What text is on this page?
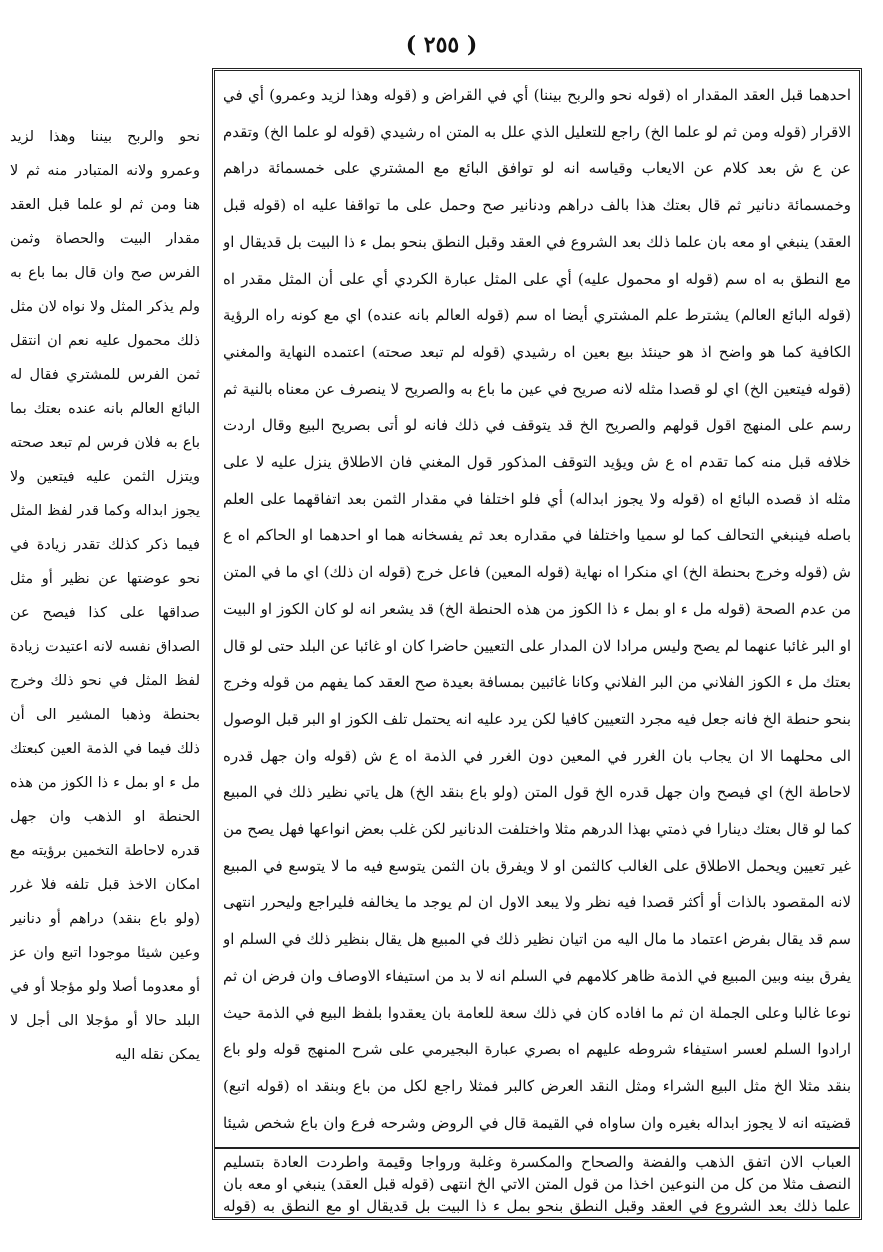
( ٢٥٥ )
احدهما قبل العقد المقدار اه (قوله نحو والربح بيننا) أي في القراض و (قوله وهذا لزيد وعمرو) أي في الاقرار (قوله ومن ثم لو علما الخ) راجع للتعليل الذي علل به المتن اه رشيدي (قوله لو علما الخ) وتقدم عن ع ش بعد كلام عن الايعاب وقياسه انه لو توافق البائع مع المشتري على خمسمائة دراهم وخمسمائة دنانير ثم قال بعتك هذا بالف دراهم ودنانير صح وحمل على ما تواقفا عليه اه (قوله قبل العقد) ينبغي او معه بان علما ذلك بعد الشروع في العقد وقبل النطق بنحو بمل ء ذا البيت بل قديقال او مع النطق به اه سم (قوله او محمول عليه) أي على المثل عبارة الكردي أي على أن المثل مقدر اه (قوله البائع العالم) يشترط علم المشتري أيضا اه سم (قوله العالم بانه عنده) اي مع كونه راه الرؤية الكافية كما هو واضح اذ هو حينئذ بيع بعين اه رشيدي (قوله لم تبعد صحته) اعتمده النهاية والمغني (قوله فيتعين الخ) اي لو قصدا مثله لانه صريح في عين ما باع به والصريح لا ينصرف عن معناه بالنية ثم رسم على المنهج اقول قولهم والصريح الخ قد يتوقف في ذلك فانه لو أتى بصريح البيع وقال اردت خلافه قبل منه كما تقدم اه ع ش ويؤيد التوقف المذكور قول المغني فان الاطلاق ينزل عليه لا على مثله اذ قصده البائع اه (قوله ولا يجوز ابداله) أي فلو اختلفا في مقدار الثمن بعد اتفاقهما على العلم باصله فينبغي التحالف كما لو سميا واختلفا في مقداره بعد ثم يفسخانه هما او احدهما او الحاكم اه ع ش (قوله وخرج بحنطة الخ) اي منكرا اه نهاية (قوله المعين) فاعل خرج (قوله ان ذلك) اي ما في المتن من عدم الصحة (قوله مل ء او بمل ء ذا الكوز من هذه الحنطة الخ) قد يشعر انه لو كان الكوز او البيت او البر غائبا عنهما لم يصح وليس مرادا لان المدار على التعيين حاضرا كان او غائبا عن البلد حتى لو قال بعتك مل ء الكوز الفلاني من البر الفلاني وكانا غائبين بمسافة بعيدة صح العقد كما يفهم من قوله وخرج بنحو حنطة الخ فانه جعل فيه مجرد التعيين كافيا لكن يرد عليه انه يحتمل تلف الكوز او البر قبل الوصول الى محلهما الا ان يجاب بان الغرر في المعين دون الغرر في الذمة اه ع ش (قوله وان جهل قدره لاحاطة الخ) اي فيصح وان جهل قدره الخ قول المتن (ولو باع بنقد الخ) هل ياتي نظير ذلك في المبيع كما لو قال بعتك دينارا في ذمتي بهذا الدرهم مثلا واختلفت الدنانير لكن غلب بعض انواعها فهل يصح من غير تعيين ويحمل الاطلاق على الغالب كالثمن او لا ويفرق بان الثمن يتوسع فيه ما لا يتوسع في المبيع لانه المقصود بالذات أو أكثر قصدا فيه نظر ولا يبعد الاول ان لم يوجد ما يخالفه فليراجع وليحرر انتهى سم قد يقال بفرض اعتماد ما مال اليه من اتيان نظير ذلك في المبيع هل يقال بنظير ذلك في السلم او يفرق بينه وبين المبيع في الذمة ظاهر كلامهم في السلم انه لا بد من استيفاء الاوصاف وان فرض ان ثم نوعا غالبا وعلى الجملة ان ثم ما افاده كان في ذلك سعة للعامة بان يعقدوا بلفظ البيع في الذمة حيث ارادوا السلم لعسر استيفاء شروطه عليهم اه بصري عبارة البجيرمي على شرح المنهج قوله ولو باع بنقد مثلا الخ مثل البيع الشراء ومثل النقد العرض كالبر فمثلا راجع لكل من باع وبنقد اه (قوله اتبع) قضيته انه لا يجوز ابداله بغيره وان ساواه في القيمة قال في الروض وشرحه فرع وان باع شخص شيئا
العباب الان اتفق الذهب والفضة والصحاح والمكسرة وغلبة ورواجا وقيمة واطردت العادة بتسليم النصف مثلا من كل من النوعين اخذا من قول المتن الاتي الخ انتهى (قوله قبل العقد) ينبغي او معه بان علما ذلك بعد الشروع في العقد وقبل النطق بنحو بمل ء ذا البيت بل قديقال او مع النطق به (قوله
نحو والربح بيننا وهذا لزيد وعمرو ولانه المتبادر منه ثم لا هنا ومن ثم لو علما قبل العقد مقدار البيت والحصاة وثمن الفرس صح وان قال بما باع به ولم يذكر المثل ولا نواه لان مثل ذلك محمول عليه نعم ان انتقل ثمن الفرس للمشتري فقال له البائع العالم بانه عنده بعتك بما باع به فلان فرس لم تبعد صحته ويتزل الثمن عليه فيتعين ولا يجوز ابداله وكما قدر لفظ المثل فيما ذكر كذلك تقدر زيادة في نحو عوضتها عن نظير أو مثل صداقها على كذا فيصح عن الصداق نفسه لانه اعتيدت زيادة لفظ المثل في نحو ذلك وخرج بحنطة وذهبا المشير الى أن ذلك فيما في الذمة العين كبعتك مل ء او بمل ء ذا الكوز من هذه الحنطة او الذهب وان جهل قدره لاحاطة التخمين برؤيته مع امكان الاخذ قبل تلفه فلا غرر (ولو باع بنقد) دراهم أو دنانير وعين شيئا موجودا اتبع وان عز أو معدوما أصلا ولو مؤجلا أو في البلد حالا أو مؤجلا الى أجل لا يمكن نقله اليه
